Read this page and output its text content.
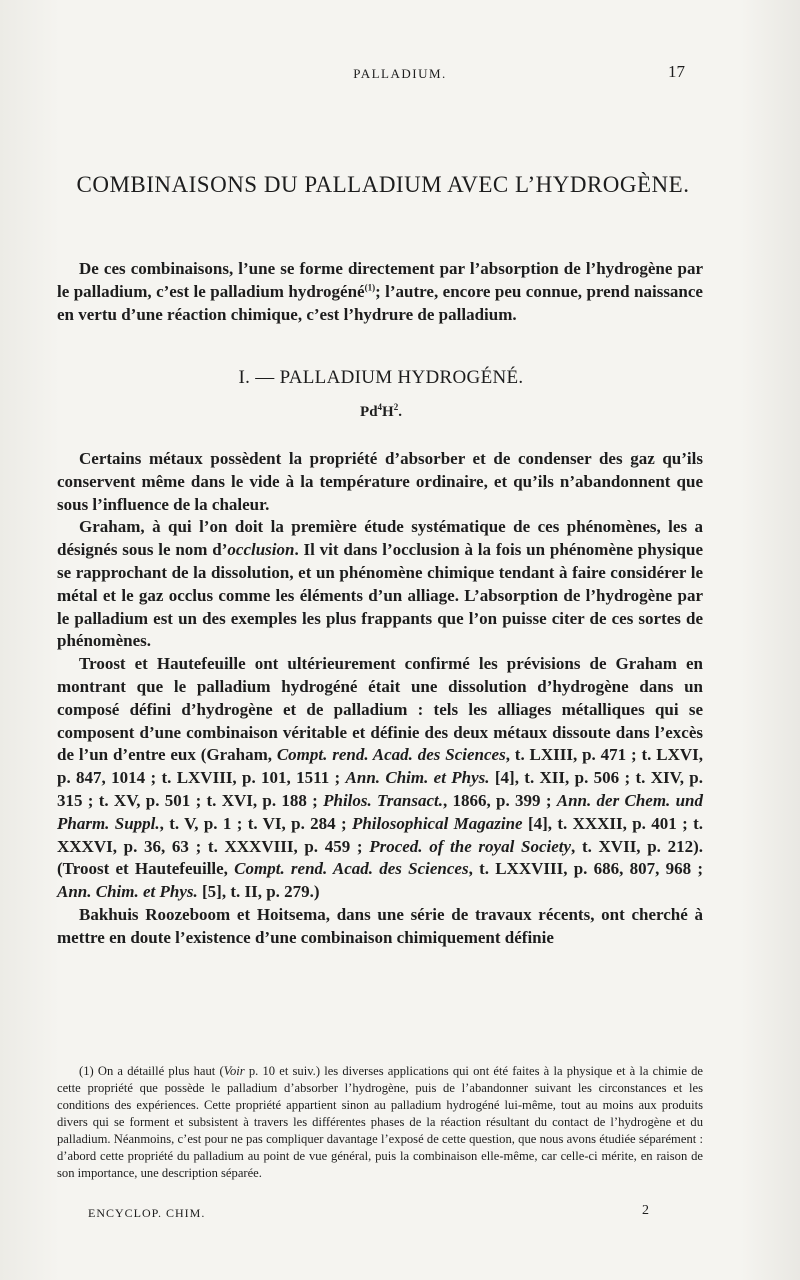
PALLADIUM.	17
COMBINAISONS DU PALLADIUM AVEC L’HYDROGÈNE.

De ces combinaisons, l’une se forme directement par l’absorption de l’hydrogène par le palladium, c’est le palladium hydrogéné$^{(1)}$; l’autre, encore peu connue, prend naissance en vertu d’une réaction chimique, c’est l’hydrure de palladium.

I. — PALLADIUM HYDROGÉNÉ.
$Pd^4H^2$.

Certains métaux possèdent la propriété d’absorber et de condenser des gaz qu’ils conservent même dans le vide à la température ordinaire, et qu’ils n’abandonnent que sous l’influence de la chaleur.

Graham, à qui l’on doit la première étude systématique de ces phénomènes, les a désignés sous le nom d’occlusion. Il vit dans l’occlusion à la fois un phénomène physique se rapprochant de la dissolution, et un phénomène chimique tendant à faire considérer le métal et le gaz occlus comme les éléments d’un alliage. L’absorption de l’hydrogène par le palladium est un des exemples les plus frappants que l’on puisse citer de ces sortes de phénomènes.

Troost et Hautefeuille ont ultérieurement confirmé les prévisions de Graham en montrant que le palladium hydrogéné était une dissolution d’hydrogène dans un composé défini d’hydrogène et de palladium : tels les alliages métalliques qui se composent d’une combinaison véritable et définie des deux métaux dissoute dans l’excès de l’un d’entre eux (Graham, Compt. rend. Acad. des Sciences, t. LXIII, p. 471 ; t. LXVI, p. 847, 1014 ; t. LXVIII, p. 101, 1511 ; Ann. Chim. et Phys. [4], t. XII, p. 506 ; t. XIV, p. 315 ; t. XV, p. 501 ; t. XVI, p. 188 ; Philos. Transact., 1866, p. 399 ; Ann. der Chem. und Pharm. Suppl., t. V, p. 1 ; t. VI, p. 284 ; Philosophical Magazine [4], t. XXXII, p. 401 ; t. XXXVI, p. 36, 63 ; t. XXXVIII, p. 459 ; Proced. of the royal Society, t. XVII, p. 212). (Troost et Hautefeuille, Compt. rend. Acad. des Sciences, t. LXXVIII, p. 686, 807, 968 ; Ann. Chim. et Phys. [5], t. II, p. 279.)

Bakhuis Roozeboom et Hoitsema, dans une série de travaux récents, ont cherché à mettre en doute l’existence d’une combinaison chimiquement définie

(1) On a détaillé plus haut (Voir p. 10 et suiv.) les diverses applications qui ont été faites à la physique et à la chimie de cette propriété que possède le palladium d’absorber l’hydrogène, puis de l’abandonner suivant les circonstances et les conditions des expériences. Cette propriété appartient sinon au palladium hydrogéné lui-même, tout au moins aux produits divers qui se forment et subsistent à travers les différentes phases de la réaction résultant du contact de l’hydrogène et du palladium. Néanmoins, c’est pour ne pas compliquer davantage l’exposé de cette question, que nous avons étudiée séparément : d’abord cette propriété du palladium au point de vue général, puis la combinaison elle-même, car celle-ci mérite, en raison de son importance, une description séparée.

ENCYCLOP. CHIM.	2
